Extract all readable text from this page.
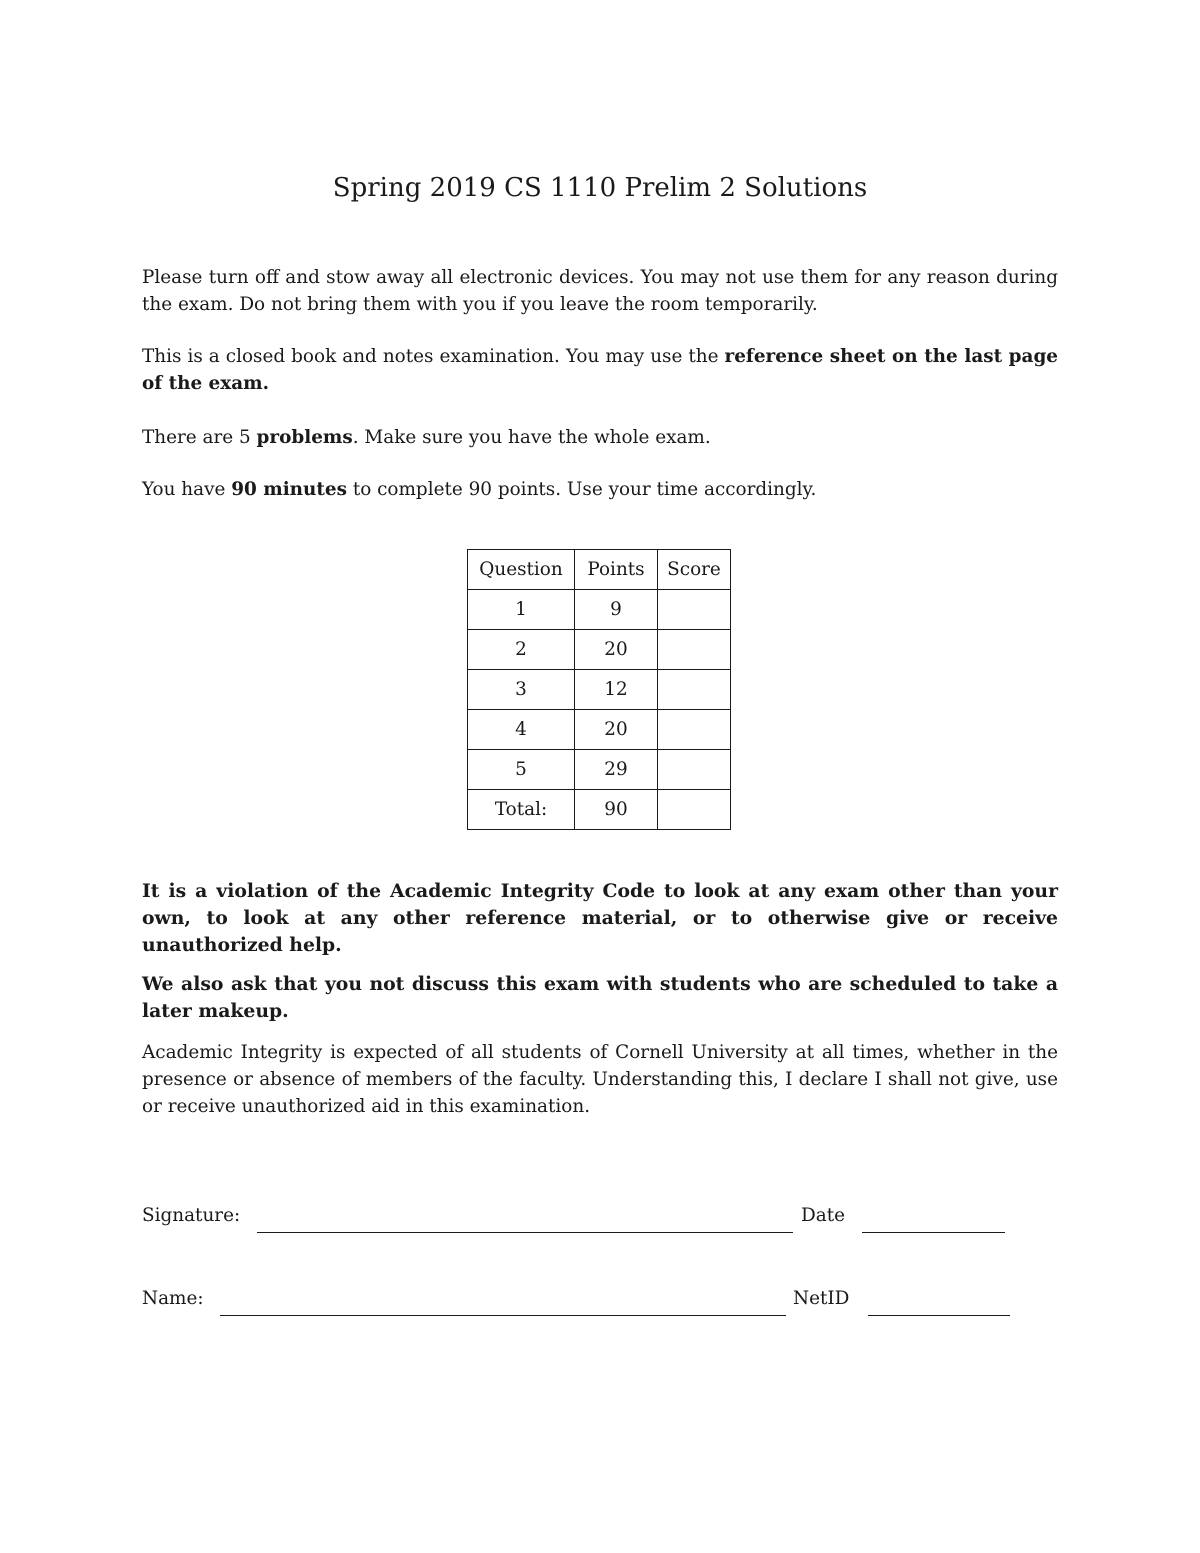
Spring 2019 CS 1110 Prelim 2 Solutions

Please turn off and stow away all electronic devices. You may not use them for any reason during the exam. Do not bring them with you if you leave the room temporarily.

This is a closed book and notes examination. You may use the reference sheet on the last page of the exam.

There are 5 problems. Make sure you have the whole exam.

You have 90 minutes to complete 90 points. Use your time accordingly.

Question	Points	Score
1	9	
2	20	
3	12	
4	20	
5	29	
Total:	90	

It is a violation of the Academic Integrity Code to look at any exam other than your own, to look at any other reference material, or to otherwise give or receive unauthorized help.

We also ask that you not discuss this exam with students who are scheduled to take a later makeup.

Academic Integrity is expected of all students of Cornell University at all times, whether in the presence or absence of members of the faculty. Understanding this, I declare I shall not give, use or receive unauthorized aid in this examination.

Signature:	Date
Name:	NetID
